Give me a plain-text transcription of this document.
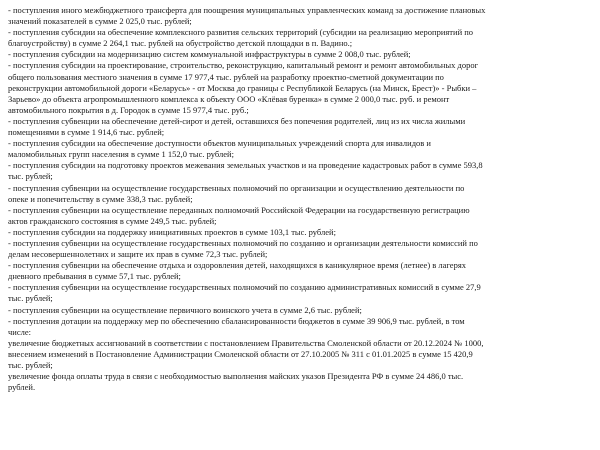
- поступления иного межбюджетного трансферта для поощрения муниципальных управленческих команд за достижение плановых
значений показателей в сумме 2 025,0 тыс. рублей;
- поступления субсидии на обеспечение комплексного развития сельских территорий (субсидии на реализацию мероприятий по
благоустройству) в сумме 2 264,1 тыс. рублей на обустройство детской площадки в п. Вадино.;
- поступления субсидии на модернизацию систем коммунальной инфраструктуры в сумме 2 008,0 тыс. рублей;
- поступления субсидии на проектирование, строительство, реконструкцию, капитальный ремонт и ремонт автомобильных дорог
общего пользования местного значения в сумме 17 977,4 тыс. рублей на разработку проектно-сметной документации по
реконструкции автомобильной дороги «Беларусь» - от Москва до границы с Республикой Беларусь (на Минск, Брест)» - Рыбки –
Зарьево» до объекта агропромышленного комплекса к объекту ООО «Клёвая буренка» в сумме 2 000,0 тыс. руб. и ремонт
автомобильного покрытия в д. Городок в сумме 15 977,4 тыс. руб.;
- поступления субвенции на обеспечение детей-сирот и детей, оставшихся без попечения родителей, лиц из их числа жилыми
помещениями в сумме 1 914,6 тыс. рублей;
- поступления субсидии на обеспечение доступности объектов муниципальных учреждений спорта для инвалидов и
маломобильных групп населения в сумме 1 152,0 тыс. рублей;
- поступления субсидии на подготовку проектов межевания земельных участков и на проведение кадастровых работ в сумме 593,8
тыс. рублей;
- поступления субвенции на осуществление государственных полномочий по организации и осуществлению деятельности по
опеке и попечительству в сумме 338,3 тыс. рублей;
- поступления субвенции на осуществление переданных полномочий Российской Федерации на государственную регистрацию
актов гражданского состояния в сумме 249,5 тыс. рублей;
- поступления субсидии на поддержку инициативных проектов в сумме 103,1 тыс. рублей;
- поступления субвенции на осуществление государственных полномочий по созданию и организации деятельности комиссий по
делам несовершеннолетних и защите их прав в сумме 72,3 тыс. рублей;
- поступления субвенции на обеспечение отдыха и оздоровления детей, находящихся в каникулярное время (летнее) в лагерях
дневного пребывания в сумме 57,1 тыс. рублей;
- поступления субвенции на осуществление государственных полномочий по созданию административных комиссий в сумме 27,9
тыс. рублей;
- поступления субвенции на осуществление первичного воинского учета в сумме 2,6 тыс. рублей;
- поступления дотации на поддержку мер по обеспечению сбалансированности бюджетов в сумме 39 906,9 тыс. рублей, в том
числе:
увеличение бюджетных ассигнований в соответствии с постановлением Правительства Смоленской области от 20.12.2024 № 1000,
внесением изменений в Постановление Администрации Смоленской области от 27.10.2005 № 311 с 01.01.2025 в сумме 15 420,9
тыс. рублей;
увеличение фонда оплаты труда в связи с необходимостью выполнения майских указов Президента РФ в сумме 24 486,0 тыс.
рублей.
